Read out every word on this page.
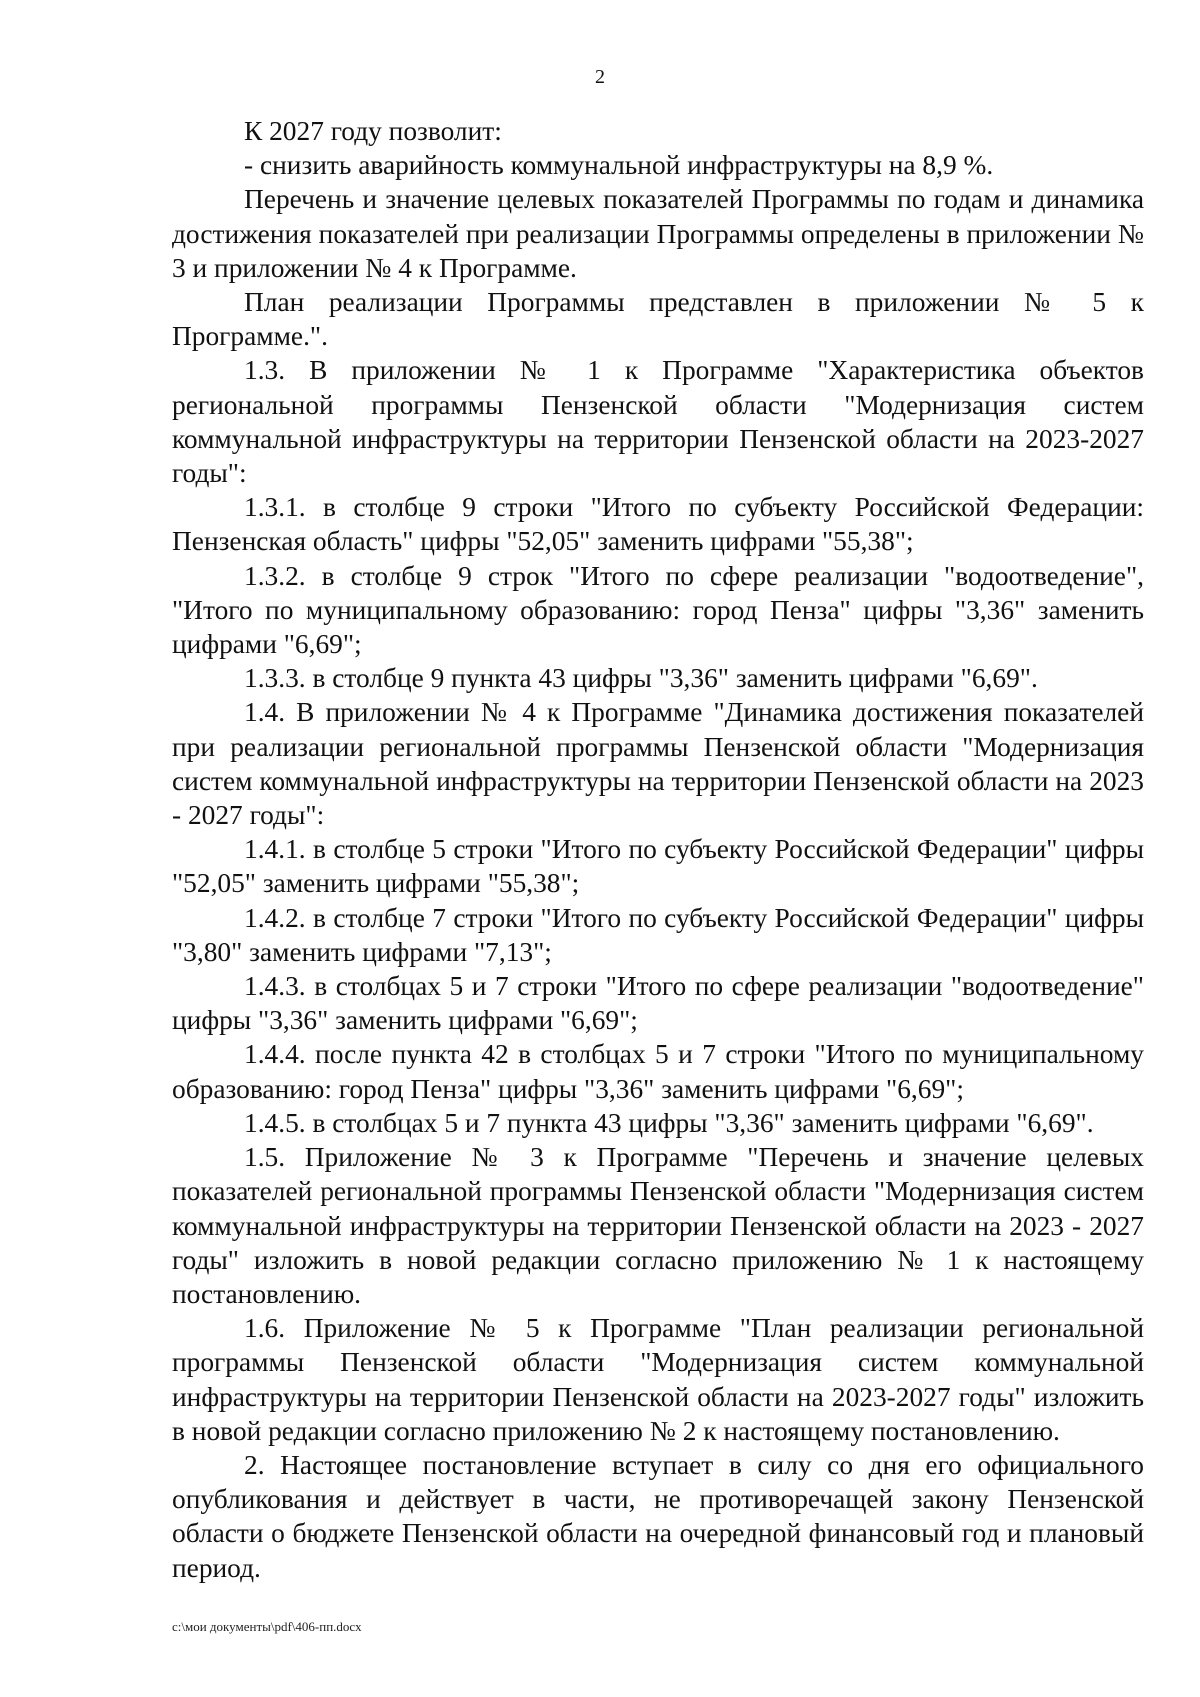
2

К 2027 году позволит:

- снизить аварийность коммунальной инфраструктуры на 8,9 %.

Перечень и значение целевых показателей Программы по годам и динамика достижения показателей при реализации Программы определены в приложении № 3 и приложении № 4 к Программе.

План реализации Программы представлен в приложении № 5 к Программе.".

1.3. В приложении № 1 к Программе "Характеристика объектов региональной программы Пензенской области "Модернизация систем коммунальной инфраструктуры на территории Пензенской области на 2023-2027 годы":

1.3.1. в столбце 9 строки "Итого по субъекту Российской Федерации: Пензенская область" цифры "52,05" заменить цифрами "55,38";

1.3.2. в столбце 9 строк "Итого по сфере реализации "водоотведение", "Итого по муниципальному образованию: город Пенза" цифры "3,36" заменить цифрами "6,69";

1.3.3. в столбце 9 пункта 43 цифры "3,36" заменить цифрами "6,69".

1.4. В приложении № 4 к Программе "Динамика достижения показателей при реализации региональной программы Пензенской области "Модернизация систем коммунальной инфраструктуры на территории Пензенской области на 2023 - 2027 годы":

1.4.1. в столбце 5 строки "Итого по субъекту Российской Федерации" цифры "52,05" заменить цифрами "55,38";

1.4.2. в столбце 7 строки "Итого по субъекту Российской Федерации" цифры "3,80" заменить цифрами "7,13";

1.4.3. в столбцах 5 и 7 строки "Итого по сфере реализации "водоотведение" цифры "3,36" заменить цифрами "6,69";

1.4.4. после пункта 42 в столбцах 5 и 7 строки "Итого по муниципальному образованию: город Пенза" цифры "3,36" заменить цифрами "6,69";

1.4.5. в столбцах 5 и 7 пункта 43 цифры "3,36" заменить цифрами "6,69".

1.5. Приложение № 3 к Программе "Перечень и значение целевых показателей региональной программы Пензенской области "Модернизация систем коммунальной инфраструктуры на территории Пензенской области на 2023 - 2027 годы" изложить в новой редакции согласно приложению № 1 к настоящему постановлению.

1.6. Приложение № 5 к Программе "План реализации региональной программы Пензенской области "Модернизация систем коммунальной инфраструктуры на территории Пензенской области на 2023-2027 годы" изложить в новой редакции согласно приложению № 2 к настоящему постановлению.

2. Настоящее постановление вступает в силу со дня его официального опубликования и действует в части, не противоречащей закону Пензенской области о бюджете Пензенской области на очередной финансовый год и плановый период.

c:\мои документы\pdf\406-пп.docx
